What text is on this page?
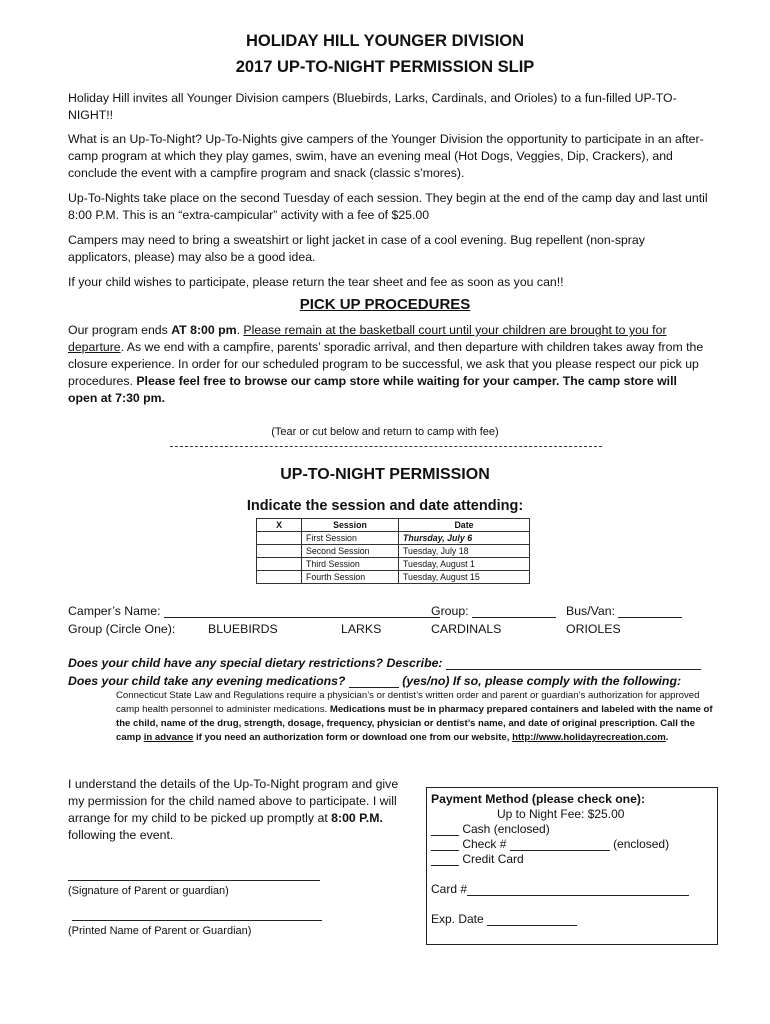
HOLIDAY HILL YOUNGER DIVISION
2017 UP-TO-NIGHT PERMISSION SLIP

Holiday Hill invites all Younger Division campers (Bluebirds, Larks, Cardinals, and Orioles) to a fun-filled UP-TO-NIGHT!!

What is an Up-To-Night? Up-To-Nights give campers of the Younger Division the opportunity to participate in an after-camp program at which they play games, swim, have an evening meal (Hot Dogs, Veggies, Dip, Crackers), and conclude the event with a campfire program and snack (classic s’mores).

Up-To-Nights take place on the second Tuesday of each session. They begin at the end of the camp day and last until 8:00 P.M. This is an “extra-campicular” activity with a fee of $25.00

Campers may need to bring a sweatshirt or light jacket in case of a cool evening. Bug repellent (non-spray applicators, please) may also be a good idea.

If your child wishes to participate, please return the tear sheet and fee as soon as you can!!

PICK UP PROCEDURES

Our program ends AT 8:00 pm. Please remain at the basketball court until your children are brought to you for departure. As we end with a campfire, parents’ sporadic arrival, and then departure with children takes away from the closure experience. In order for our scheduled program to be successful, we ask that you please respect our pick up procedures. Please feel free to browse our camp store while waiting for your camper. The camp store will open at 7:30 pm.

(Tear or cut below and return to camp with fee)
UP-TO-NIGHT PERMISSION
Indicate the session and date attending:
X	Session	Date
	First Session	Thursday, July 6
	Second Session	Tuesday, July 18
	Third Session	Tuesday, August 1
	Fourth Session	Tuesday, August 15
Camper’s Name:	Group:	Bus/Van:
Group (Circle One):	BLUEBIRDS	LARKS	CARDINALS	ORIOLES
Does your child have any special dietary restrictions? Describe:
Does your child take any evening medications?	(yes/no) If so, please comply with the following:

Connecticut State Law and Regulations require a physician’s or dentist’s written order and parent or guardian’s authorization for approved camp health personnel to administer medications. Medications must be in pharmacy prepared containers and labeled with the name of the child, name of the drug, strength, dosage, frequency, physician or dentist’s name, and date of original prescription. Call the camp in advance if you need an authorization form or download one from our website, http://www.holidayrecreation.com.

I understand the details of the Up-To-Night program and give my permission for the child named above to participate. I will arrange for my child to be picked up promptly at 8:00 P.M. following the event.

(Signature of Parent or guardian)
(Printed Name of Parent or Guardian)
Payment Method (please check one):
Up to Night Fee: $25.00
Cash (enclosed)
Check #	(enclosed)
Credit Card
Card #
Exp. Date
